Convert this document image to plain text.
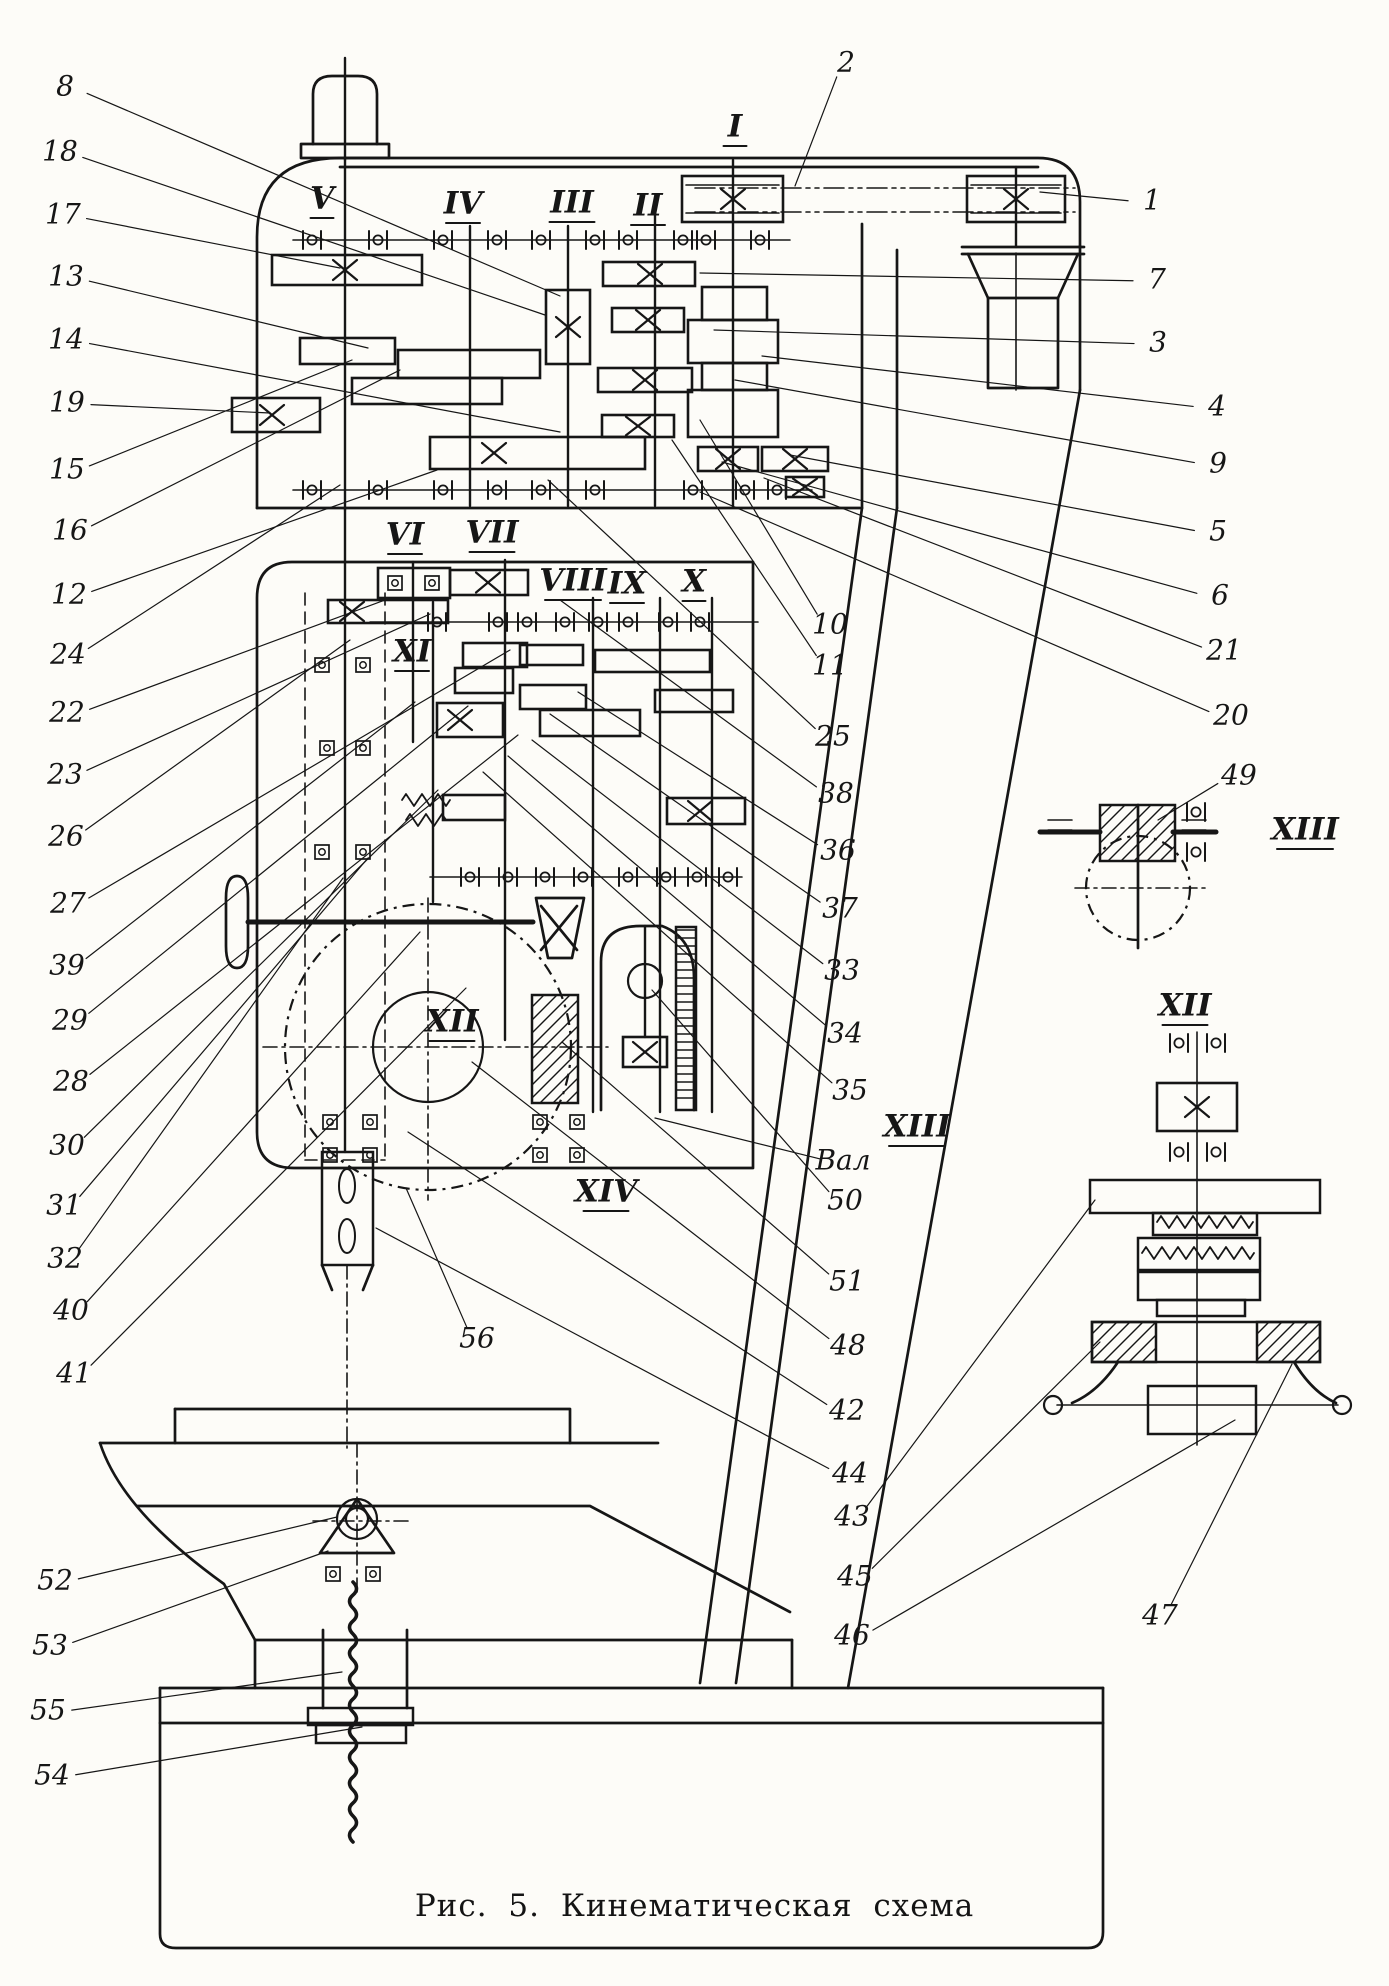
8
18
17
13
14
19
15
16
12
24
22
23
26
27
39
29
28
30
31
32
40
41
52
53
55
54
2
1
7
3
4
9
5
6
21
20
49
10
11
25
38
36
37
33
34
35
Вал
50
51
48
42
44
43
45
46
47
56
I
II
III
IV
V
VI VII
VIII IX X
XI
XII
XIV
XIII
XII
XIII
Рис. 5. Кинематическая схема
